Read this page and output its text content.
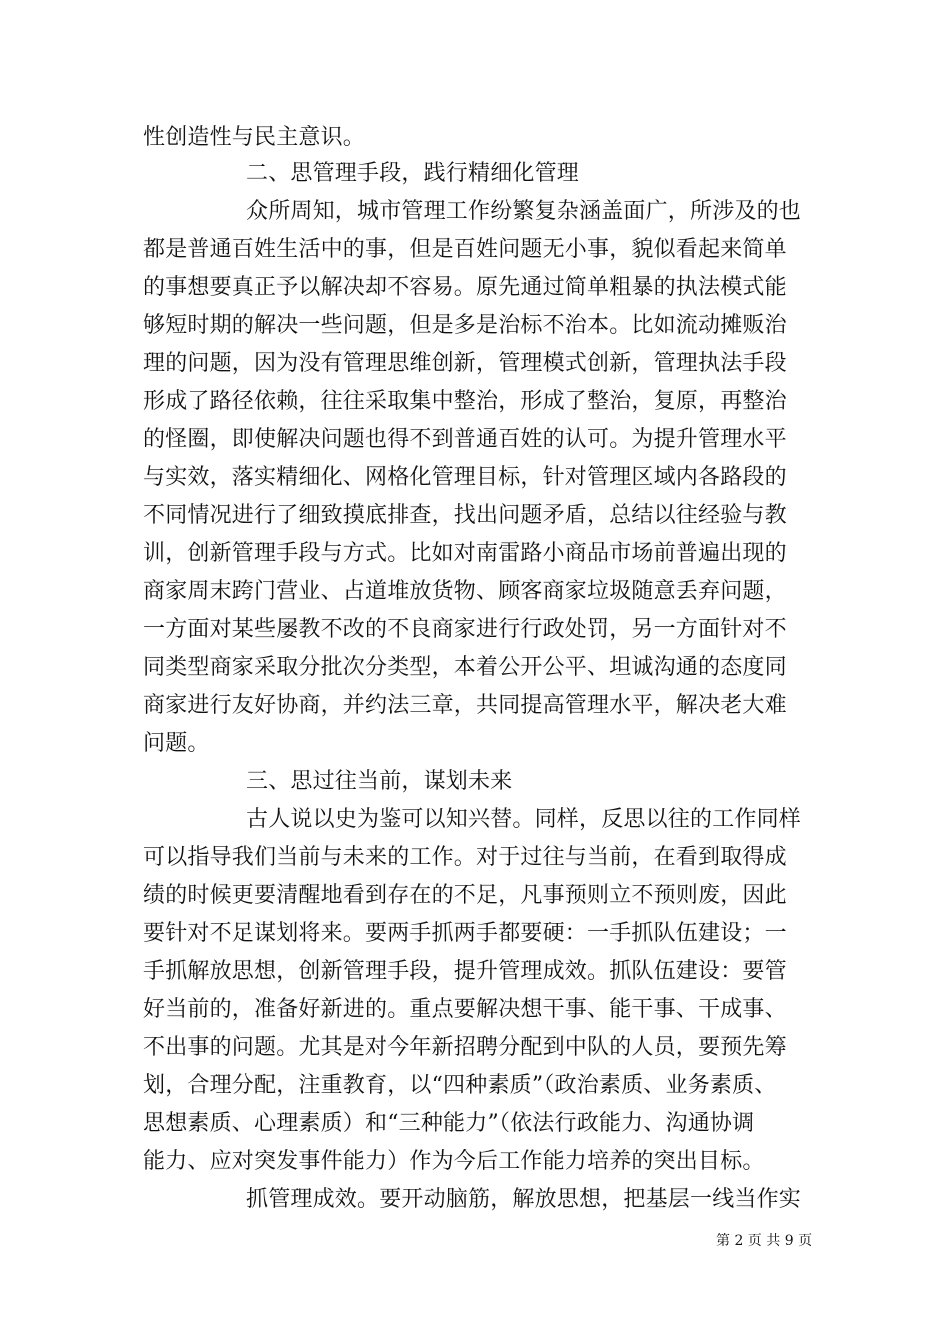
性创造性与民主意识。
二、思管理手段，践行精细化管理
众所周知，城市管理工作纷繁复杂涵盖面广，所涉及的也
都是普通百姓生活中的事，但是百姓问题无小事，貌似看起来简单
的事想要真正予以解决却不容易。原先通过简单粗暴的执法模式能
够短时期的解决一些问题，但是多是治标不治本。比如流动摊贩治
理的问题，因为没有管理思维创新，管理模式创新，管理执法手段
形成了路径依赖，往往采取集中整治，形成了整治，复原，再整治
的怪圈，即使解决问题也得不到普通百姓的认可。为提升管理水平
与实效，落实精细化、网格化管理目标，针对管理区域内各路段的
不同情况进行了细致摸底排查，找出问题矛盾，总结以往经验与教
训，创新管理手段与方式。比如对南雷路小商品市场前普遍出现的
商家周末跨门营业、占道堆放货物、顾客商家垃圾随意丢弃问题，
一方面对某些屡教不改的不良商家进行行政处罚，另一方面针对不
同类型商家采取分批次分类型，本着公开公平、坦诚沟通的态度同
商家进行友好协商，并约法三章，共同提高管理水平，解决老大难
问题。
三、思过往当前，谋划未来
古人说以史为鉴可以知兴替。同样，反思以往的工作同样
可以指导我们当前与未来的工作。对于过往与当前，在看到取得成
绩的时候更要清醒地看到存在的不足，凡事预则立不预则废，因此
要针对不足谋划将来。要两手抓两手都要硬：一手抓队伍建设；一
手抓解放思想，创新管理手段，提升管理成效。抓队伍建设：要管
好当前的，准备好新进的。重点要解决想干事、能干事、干成事、
不出事的问题。尤其是对今年新招聘分配到中队的人员，要预先筹
划，合理分配，注重教育，以“四种素质”（政治素质、业务素质、
思想素质、心理素质）和“三种能力”（依法行政能力、沟通协调
能力、应对突发事件能力）作为今后工作能力培养的突出目标。
抓管理成效。要开动脑筋，解放思想，把基层一线当作实
第 2 页 共 9 页
